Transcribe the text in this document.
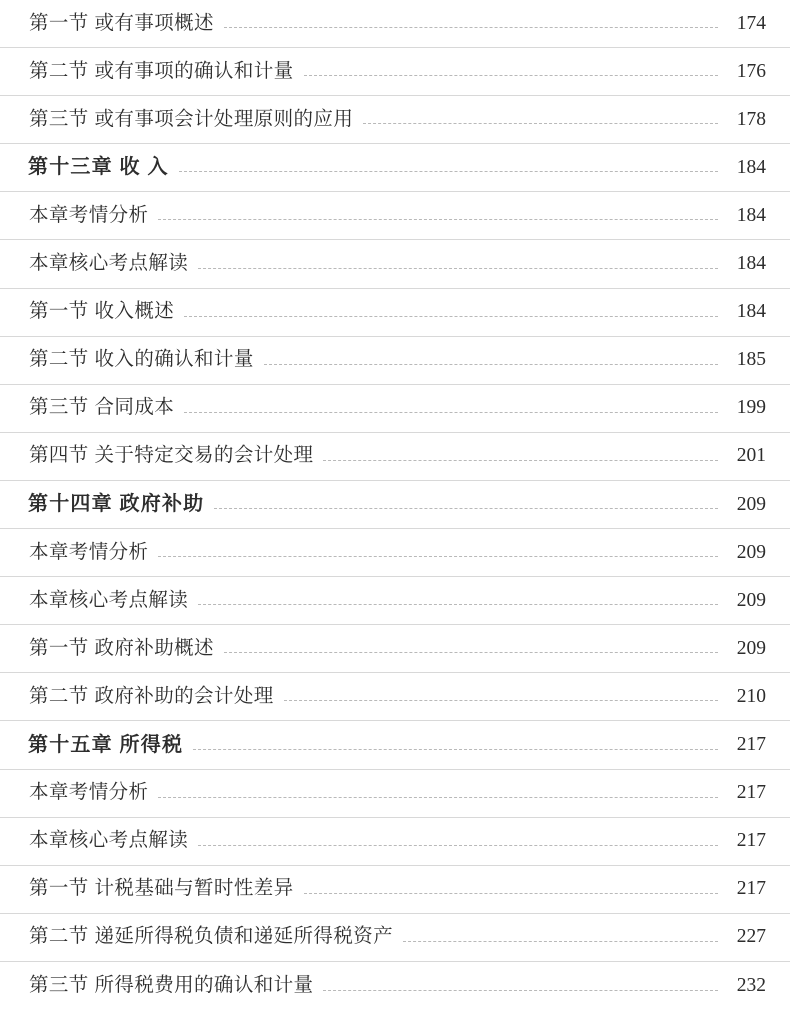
第一节 或有事项概述	174
第二节 或有事项的确认和计量	176
第三节 或有事项会计处理原则的应用	178
第十三章 收 入	184
本章考情分析	184
本章核心考点解读	184
第一节 收入概述	184
第二节 收入的确认和计量	185
第三节 合同成本	199
第四节 关于特定交易的会计处理	201
第十四章 政府补助	209
本章考情分析	209
本章核心考点解读	209
第一节 政府补助概述	209
第二节 政府补助的会计处理	210
第十五章 所得税	217
本章考情分析	217
本章核心考点解读	217
第一节 计税基础与暂时性差异	217
第二节 递延所得税负债和递延所得税资产	227
第三节 所得税费用的确认和计量	232
